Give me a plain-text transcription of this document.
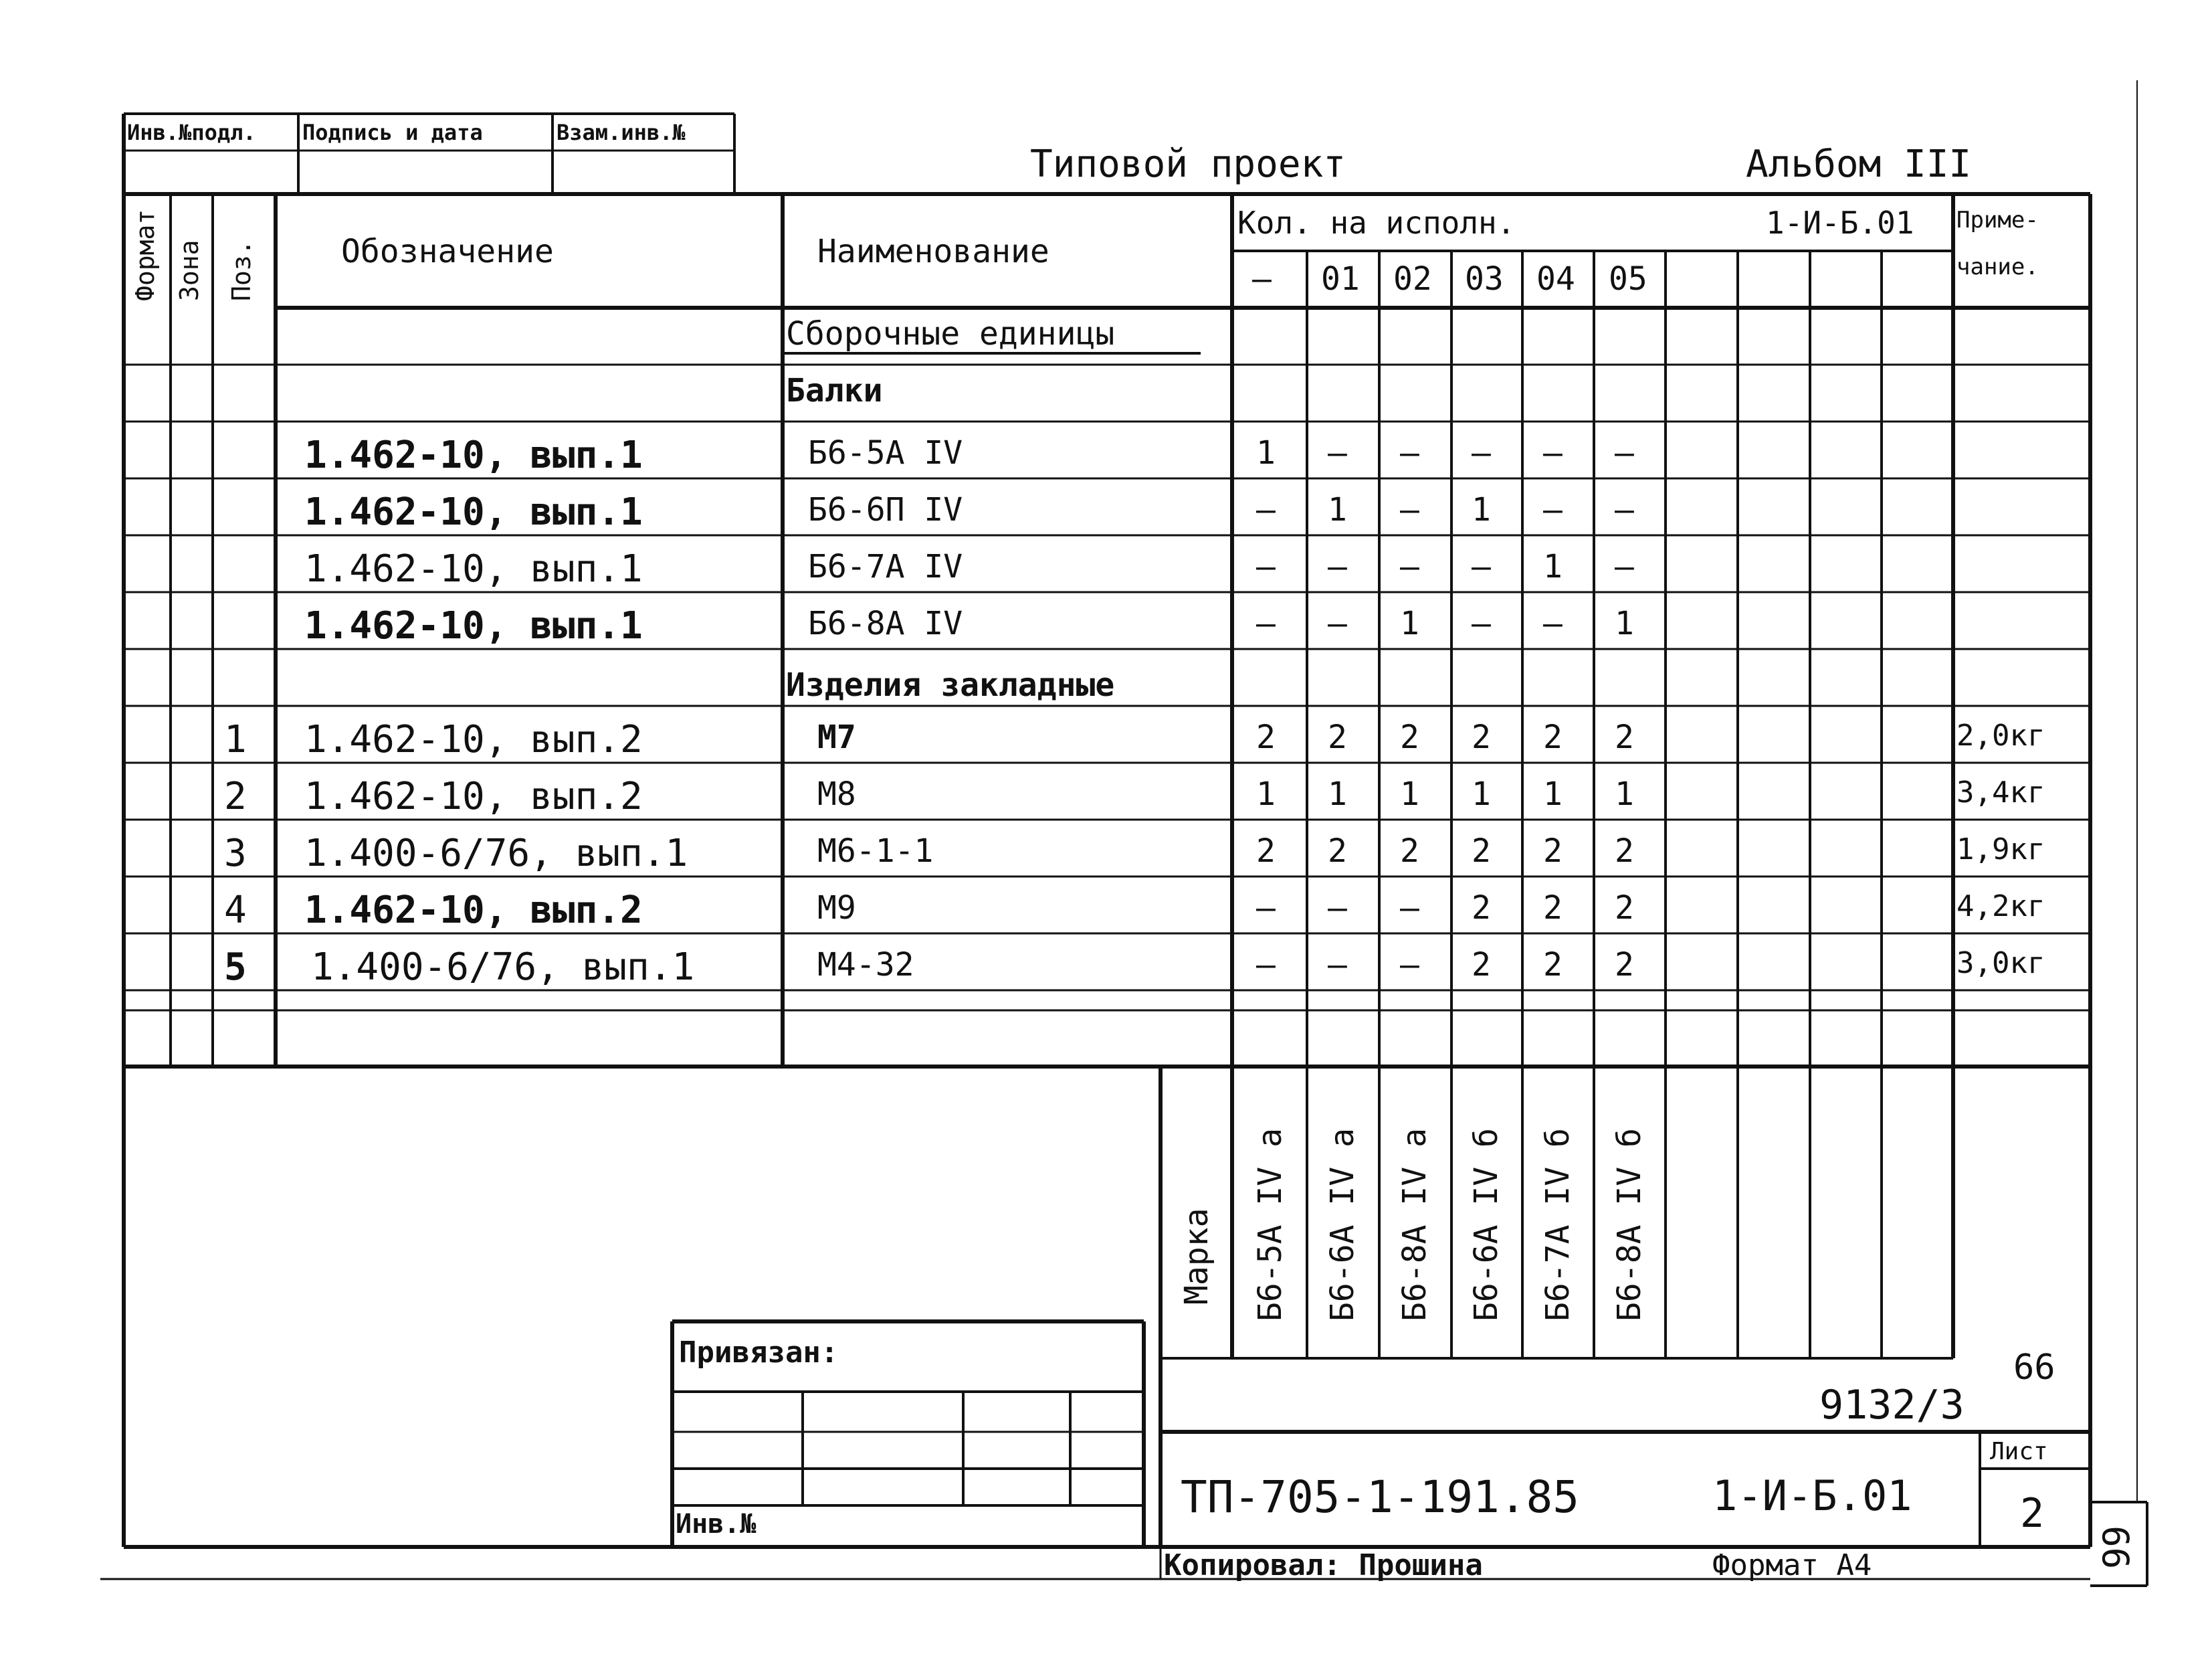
Инв.№подл. Подпись и дата	Взам.инв.№
Типовой проект	Альбом III
Формат Зона Поз.	Обозначение	Наименование
Кол. на исполн.	1-И-Б.01 Приме-
чание.
— 01 02 03 04 05
Сборочные единицы
Балки
Изделия закладные
1.462-10, вып.1	Б6-5А IV	1 — — — — —
1.462-10, вып.1	Б6-6П IV	— 1 — 1 — —
1.462-10, вып.1	Б6-7А IV	— — — — 1 —
1.462-10, вып.1	Б6-8А IV	— — 1 — — 1
1 1.462-10, вып.2	М7	2 2 2 2 2 2	2,0кг
2 1.462-10, вып.2	М8	1 1 1 1 1 1	3,4кг
3 1.400-6/76, вып.1	М6-1-1	2 2 2 2 2 2	1,9кг
4 1.462-10, вып.2	М9	— — — 2 2 2	4,2кг
5 1.400-6/76, вып.1	М4-32	— — — 2 2 2	3,0кг
Марка Б6-5А IV а Б6-6А IV а Б6-8А IV а Б6-6А IV б Б6-7А IV б Б6-8А IV б
Привязан:
Инв.№
66
9132/3
99
ТП-705-1-191.85	1-И-Б.01
Лист
2
Копировал: Прошина	Формат А4
